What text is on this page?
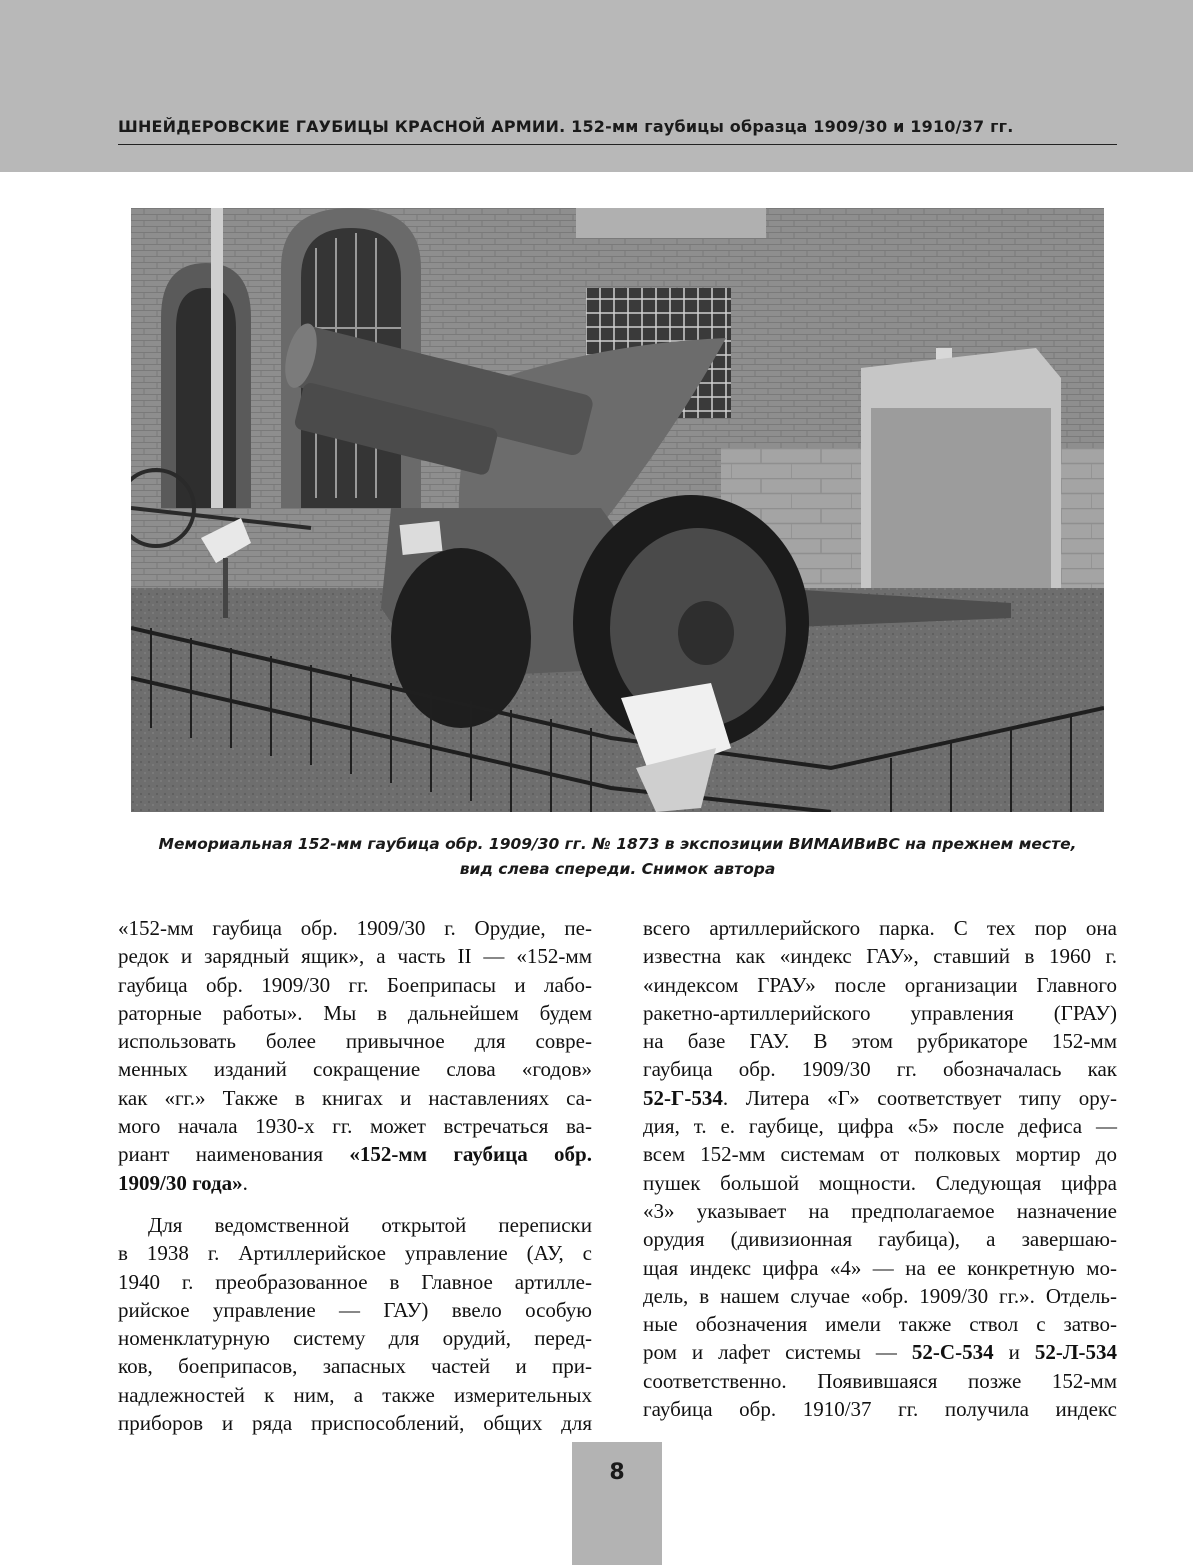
ШНЕЙДЕРОВСКИЕ ГАУБИЦЫ КРАСНОЙ АРМИИ. 152-мм гаубицы образца 1909/30 и 1910/37 гг.
Мемориальная 152-мм гаубица обр. 1909/30 гг. № 1873 в экспозиции ВИМАИВиВС на прежнем месте,
вид слева спереди. Снимок автора
«152-мм гаубица обр. 1909/30 г. Орудие, пе-
редок и зарядный ящик», а часть II — «152-мм
гаубица обр. 1909/30 гг. Боеприпасы и лабо-
раторные работы». Мы в дальнейшем будем
использовать более привычное для совре-
менных изданий сокращение слова «годов»
как «гг.» Также в книгах и наставлениях са-
мого начала 1930-х гг. может встречаться ва-
риант наименования «152-мм гаубица обр.
1909/30 года».
Для ведомственной открытой переписки
в 1938 г. Артиллерийское управление (АУ, с
1940 г. преобразованное в Главное артилле-
рийское управление — ГАУ) ввело особую
номенклатурную систему для орудий, перед-
ков, боеприпасов, запасных частей и при-
надлежностей к ним, а также измерительных
приборов и ряда приспособлений, общих для
всего артиллерийского парка. С тех пор она
известна как «индекс ГАУ», ставший в 1960 г.
«индексом ГРАУ» после организации Главного
ракетно-артиллерийского управления (ГРАУ)
на базе ГАУ. В этом рубрикаторе 152-мм
гаубица обр. 1909/30 гг. обозначалась как
52-Г-534. Литера «Г» соответствует типу ору-
дия, т. е. гаубице, цифра «5» после дефиса —
всем 152-мм системам от полковых мортир до
пушек большой мощности. Следующая цифра
«3» указывает на предполагаемое назначение
орудия (дивизионная гаубица), а завершаю-
щая индекс цифра «4» — на ее конкретную мо-
дель, в нашем случае «обр. 1909/30 гг.». Отдель-
ные обозначения имели также ствол с затво-
ром и лафет системы — 52-С-534 и 52-Л-534
соответственно. Появившаяся позже 152-мм
гаубица обр. 1910/37 гг. получила индекс
8
